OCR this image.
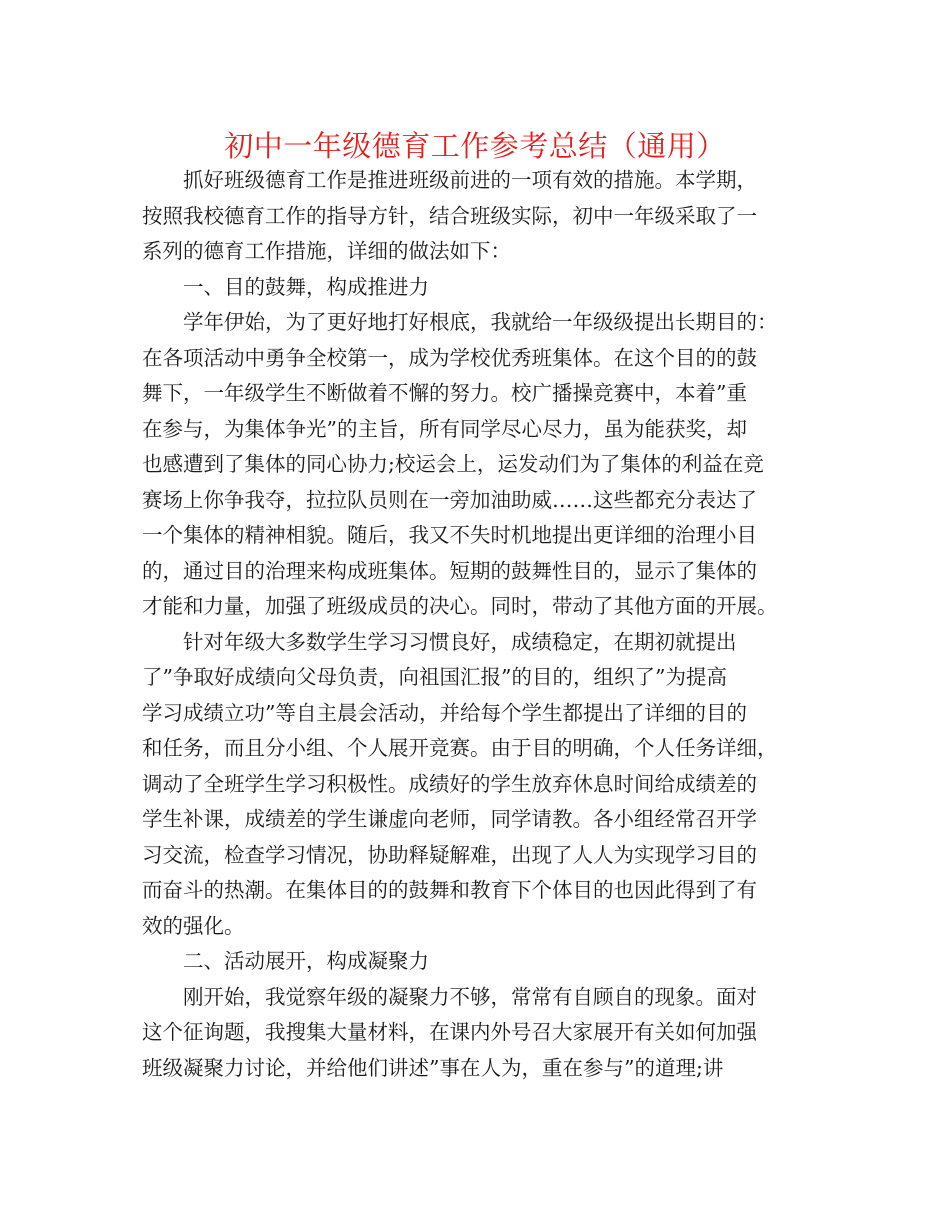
初中一年级德育工作参考总结（通用）

抓好班级德育工作是推进班级前进的一项有效的措施。本学期，
按照我校德育工作的指导方针，结合班级实际，初中一年级采取了一
系列的德育工作措施，详细的做法如下：

一、目的鼓舞，构成推进力

学年伊始，为了更好地打好根底，我就给一年级级提出长期目的：
在各项活动中勇争全校第一，成为学校优秀班集体。在这个目的的鼓
舞下，一年级学生不断做着不懈的努力。校广播操竞赛中，本着”重
在参与，为集体争光”的主旨，所有同学尽心尽力，虽为能获奖，却
也感遭到了集体的同心协力;校运会上，运发动们为了集体的利益在竞
赛场上你争我夺，拉拉队员则在一旁加油助威……这些都充分表达了
一个集体的精神相貌。随后，我又不失时机地提出更详细的治理小目
的，通过目的治理来构成班集体。短期的鼓舞性目的，显示了集体的
才能和力量，加强了班级成员的决心。同时，带动了其他方面的开展。

针对年级大多数学生学习习惯良好，成绩稳定，在期初就提出
了”争取好成绩向父母负责，向祖国汇报”的目的，组织了”为提高
学习成绩立功”等自主晨会活动，并给每个学生都提出了详细的目的
和任务，而且分小组、个人展开竞赛。由于目的明确，个人任务详细，
调动了全班学生学习积极性。成绩好的学生放弃休息时间给成绩差的
学生补课，成绩差的学生谦虚向老师，同学请教。各小组经常召开学
习交流，检查学习情况，协助释疑解难，出现了人人为实现学习目的
而奋斗的热潮。在集体目的的鼓舞和教育下个体目的也因此得到了有
效的强化。

二、活动展开，构成凝聚力

刚开始，我觉察年级的凝聚力不够，常常有自顾自的现象。面对
这个征询题，我搜集大量材料，在课内外号召大家展开有关如何加强
班级凝聚力讨论，并给他们讲述”事在人为，重在参与”的道理;讲
